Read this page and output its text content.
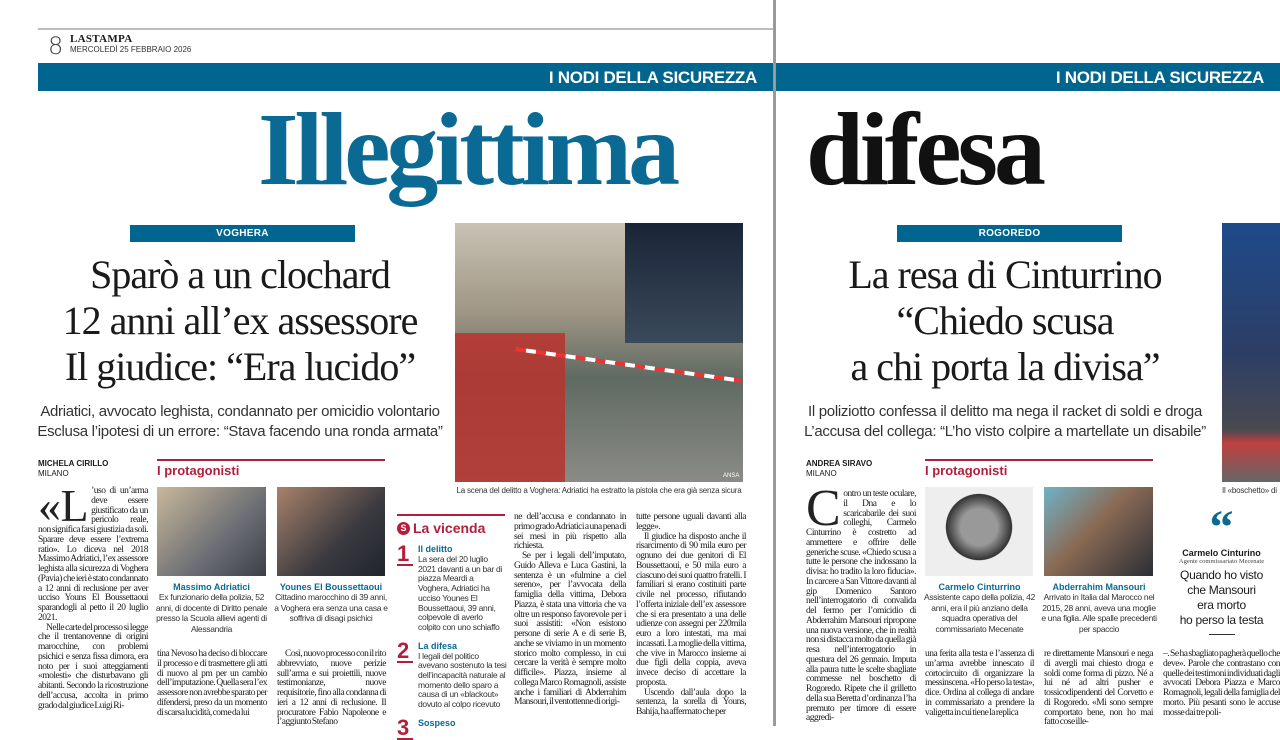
8 LASTAMPA
MERCOLEDÌ 25 FEBBRAIO 2026
I NODI DELLA SICUREZZA	I NODI DELLA SICUREZZA
Illegittima difesa
VOGHERA
Sparò a un clochard
12 anni all’ex assessore
Il giudice: “Era lucido”
ANSA
La scena del delitto a Voghera: Adriatici ha estratto la pistola che era già senza sicura
Adriatici, avvocato leghista, condannato per omicidio volontario
Esclusa l’ipotesi di un errore: “Stava facendo una ronda armata”
MICHELA CIRILLO
MILANO
«L ’uso di un’arma deve essere giustificato da un pericolo reale, non significa farsi giustizia da soli. Sparare deve essere l’extrema ratio». Lo diceva nel 2018 Massimo Adriatici, l’ex assessore leghista alla sicurezza di Voghera (Pavia) che ieri è stato condannato a 12 anni di reclusione per aver ucciso Youns El Boussettaoui sparandogli al petto il 20 luglio 2021.

Nelle carte del processo si legge che il trentanovenne di origini marocchine, con problemi psichici e senza fissa dimora, era noto per i suoi atteggiamenti «molesti» che disturbavano gli abitanti. Secondo la ricostruzione dell’accusa, accolta in primo grado dal giudice Luigi Ri-

I protagonisti
Massimo Adriatici
Ex funzionario della polizia, 52 anni, di docente di Diritto penale presso la Scuola allievi agenti di Alessandria
Younes El Boussettaoui
Cittadino marocchino di 39 anni, a Voghera era senza una casa e soffriva di disagi psichici

tina Nevoso ha deciso di bloccare il processo e di trasmettere gli atti di nuovo al pm per un cambio dell’imputazione. Quella sera l’ex assessore non avrebbe sparato per difendersi, preso da un momento di scarsa lucidità, come da lui

Così, nuovo processo con il rito abbrevviato, nuove perizie sull’arma e sui proiettili, nuove testimonianze, nuove requisitorie, fino alla condanna di ieri a 12 anni di reclusione. Il procuratore Fabio Napoleone e l’aggiunto Stefano

S La vicenda
1 Il delitto
La sera del 20 luglio 2021 davanti a un bar di piazza Meardi a Voghera, Adriatici ha ucciso Younes El Boussettaoui, 39 anni, colpevole di averlo colpito con uno schiaffo
2 La difesa
I legali del politico avevano sostenuto la tesi dell’incapacità naturale al momento dello sparo a causa di un «blackout» dovuto al colpo ricevuto
3 Sospeso

ne dell’accusa e condannato in primo grado Adriatici a una pena di sei mesi in più rispetto alla richiesta.

Se per i legali dell’imputato, Guido Alleva e Luca Gastini, la sentenza è un «fulmine a ciel sereno», per l’avvocata della famiglia della vittima, Debora Piazza, è stata una vittoria che va oltre un responso favorevole per i suoi assistiti: «Non esistono persone di serie A e di serie B, anche se viviamo in un momento storico molto complesso, in cui cercare la verità è sempre molto difficile». Piazza, insieme al collega Marco Romagnoli, assiste anche i familiari di Abderrahim Mansouri, il ventottenne di origi-

tutte persone uguali davanti alla legge».

Il giudice ha disposto anche il risarcimento di 90 mila euro per ognuno dei due genitori di El Boussettaoui, e 50 mila euro a ciascuno dei suoi quattro fratelli. I familiari si erano costituiti parte civile nel processo, rifiutando l’offerta iniziale dell’ex assessore che si era presentato a una delle udienze con assegni per 220mila euro a loro intestati, ma mai incassati. La moglie della vittima, che vive in Marocco insieme ai due figli della coppia, aveva invece deciso di accettare la proposta.

Uscendo dall’aula dopo la sentenza, la sorella di Youns, Bahija, ha affermato che per

ROGOREDO
La resa di Cinturrino
“Chiedo scusa
a chi porta la divisa”
Il poliziotto confessa il delitto ma nega il racket di soldi e droga
L’accusa del collega: “L’ho visto colpire a martellate un disabile”
Il «boschetto» di
ANDREA SIRAVO
MILANO
C ontro un teste oculare, il Dna e lo scaricabarile dei suoi colleghi, Carmelo Cinturrino è costretto ad ammettere e offrire delle generiche scuse. «Chiedo scusa a tutte le persone che indossano la divisa: ho tradito la loro fiducia». In carcere a San Vittore davanti al gip Domenico Santoro nell’interrogatorio di convalida del fermo per l’omicidio di Abderrahim Mansouri ripropone una nuova versione, che in realtà non si distacca molto da quella già resa nell’interrogatorio in questura del 26 gennaio. Imputa alla paura tutte le scelte sbagliate commesse nel boschetto di Rogoredo. Ripete che il grilletto della sua Beretta d’ordinanza l’ha premuto per timore di essere aggredi-

I protagonisti
Carmelo Cinturrino
Assistente capo della polizia, 42 anni, era il più anziano della squadra operativa del commissariato Mecenate
Abderrahim Mansouri
Arrivato in Italia dal Marocco nel 2015, 28 anni, aveva una moglie e una figlia. Alle spalle precedenti per spaccio

una ferita alla testa e l’assenza di un’arma avrebbe innescato il cortocircuito di organizzare la messinscena. «Ho perso la testa», dice. Ordina al collega di andare in commissariato a prendere la valigetta in cui tiene la replica

re direttamente Mansouri e nega di avergli mai chiesto droga e soldi come forma di pizzo. Né a lui né ad altri pusher e tossicodipendenti del Corvetto e di Rogoredo. «Mi sono sempre comportato bene, non ho mai fatto cose ille-

“
Carmelo Cinturino
Agente commissariato Mecenate
Quando ho visto
che Mansouri
era morto
ho perso la testa

–. Se ha sbagliato pagherà quello che deve». Parole che contrastano con quelle dei testimoni individuati dagli avvocati Debora Piazza e Marco Romagnoli, legali della famiglia del morto. Più pesanti sono le accuse mosse dai tre poli-
